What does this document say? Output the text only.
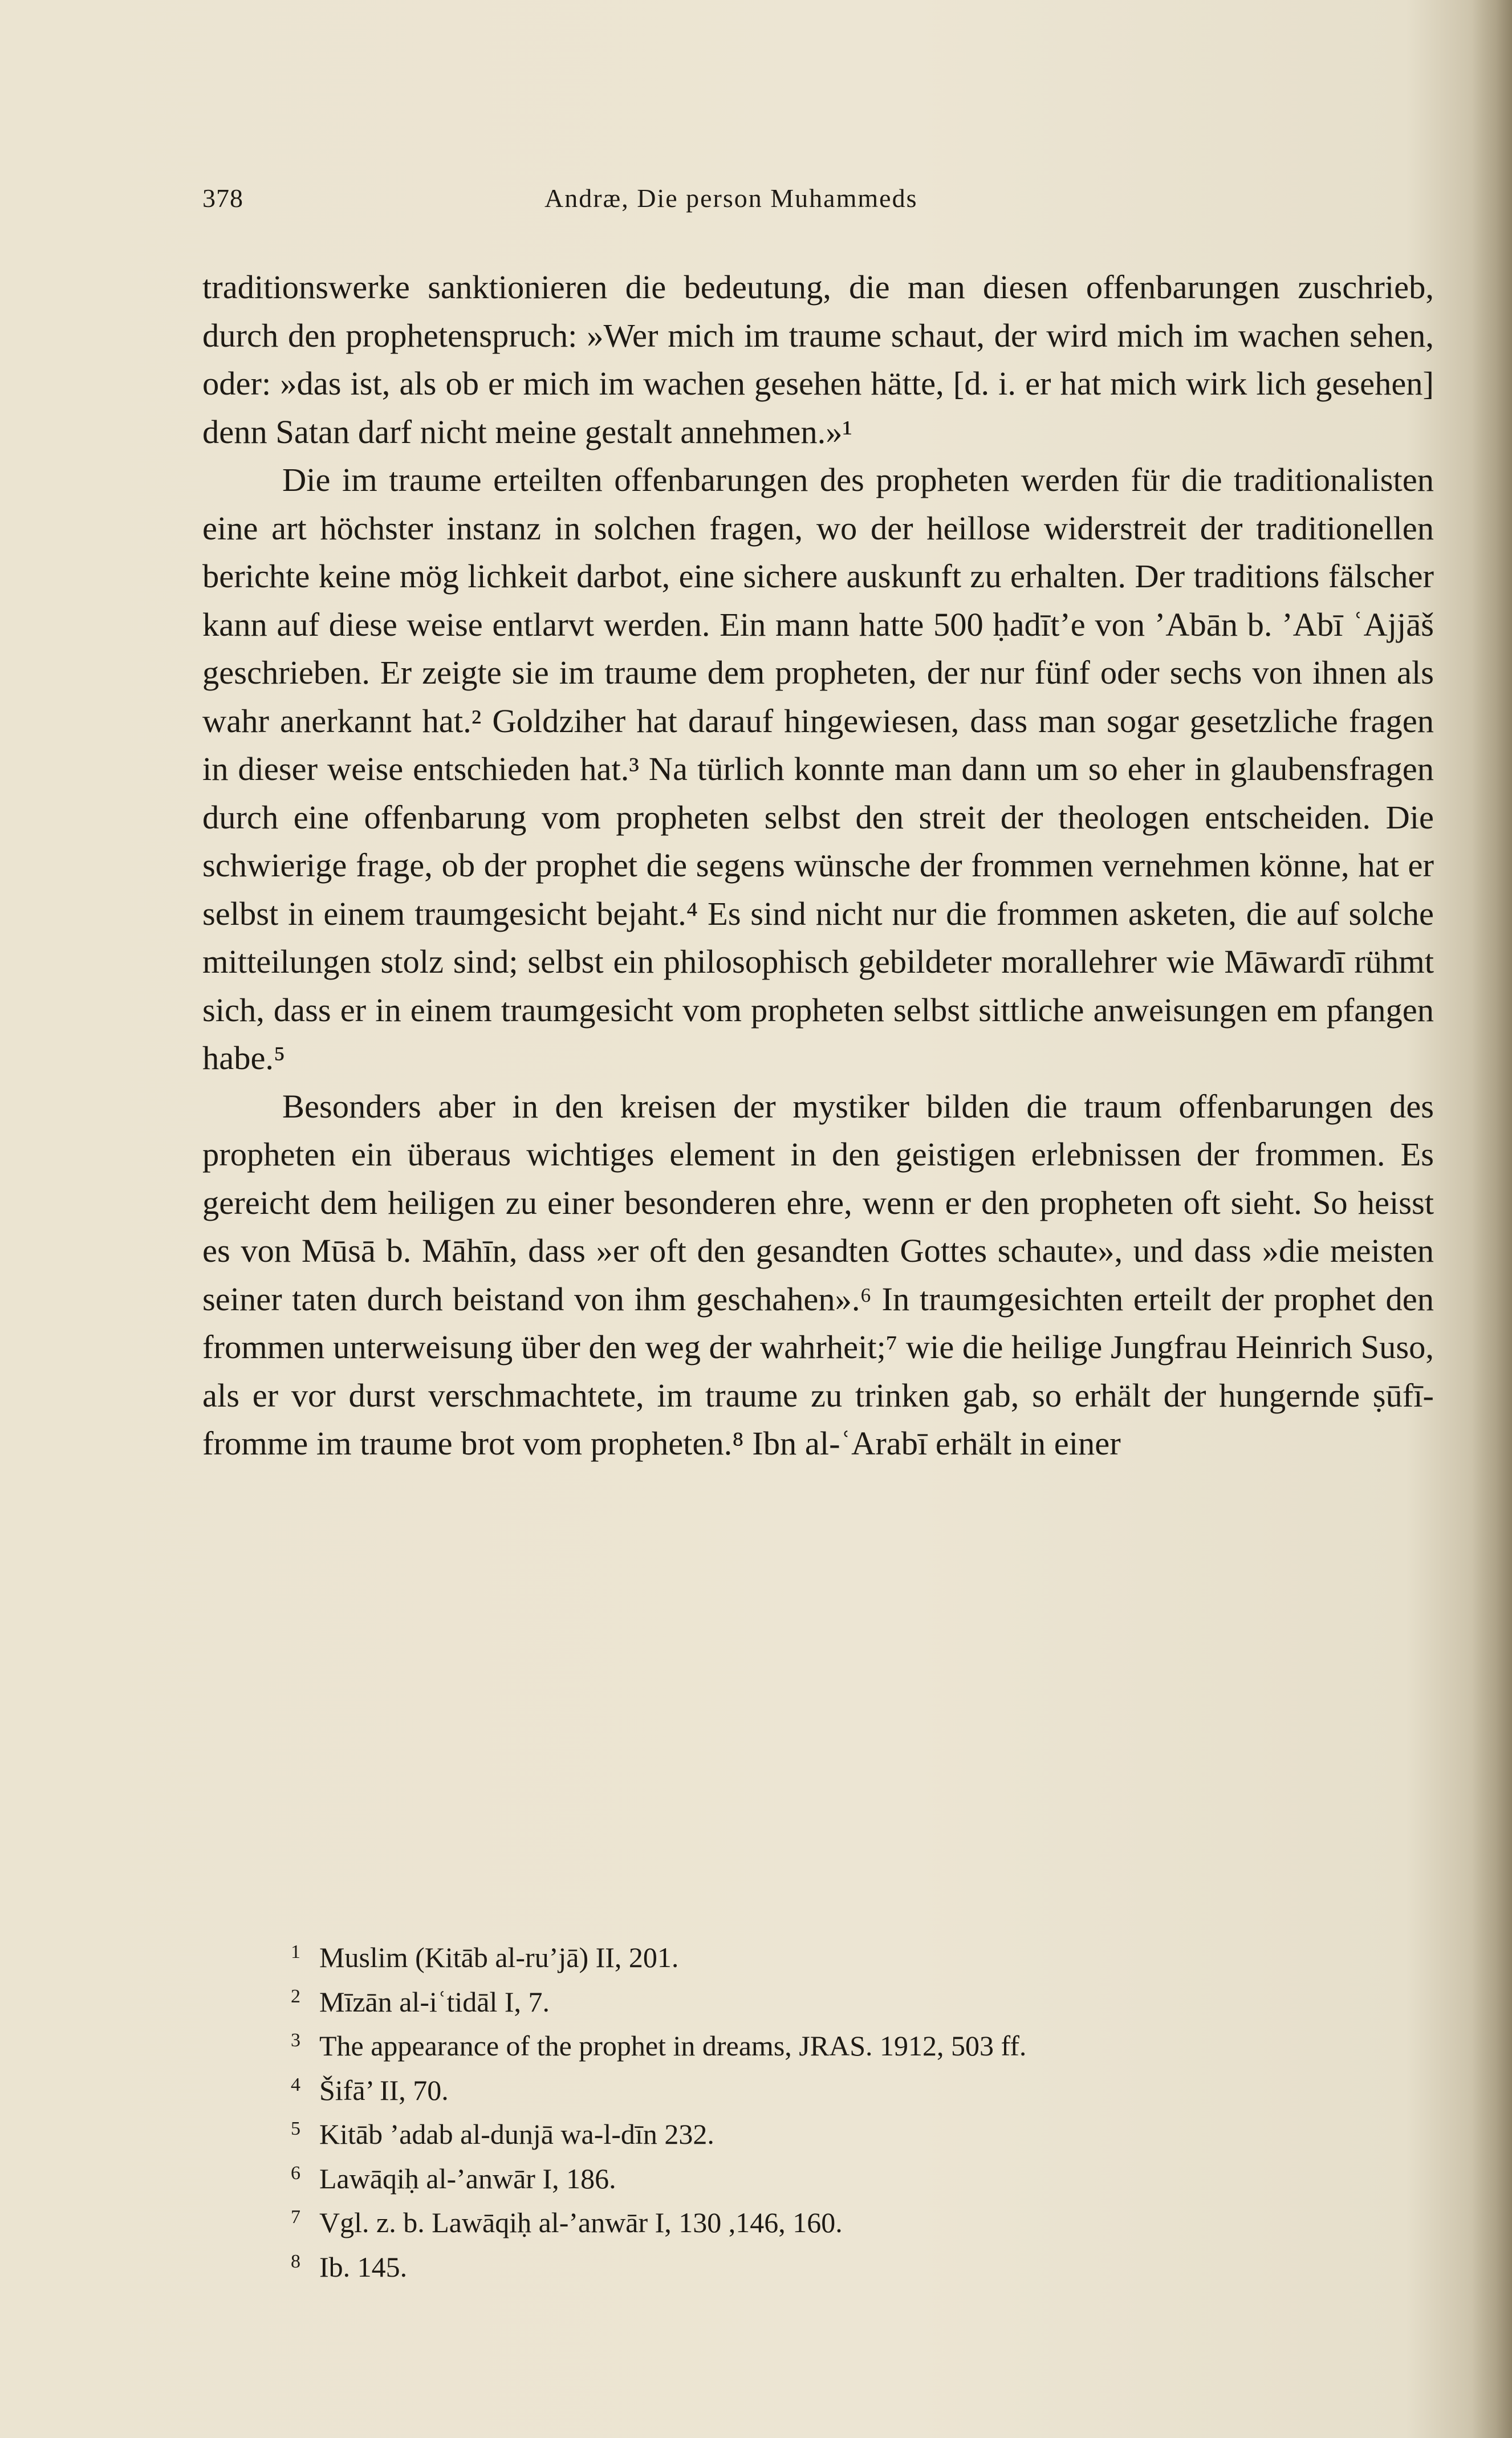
378	Andræ, Die person Muhammeds

traditionswerke sanktionieren die bedeutung, die man diesen offenbarungen zuschrieb, durch den prophetenspruch: »Wer mich im traume schaut, der wird mich im wachen sehen, oder: »das ist, als ob er mich im wachen gesehen hätte, [d. i. er hat mich wirk lich gesehen] denn Satan darf nicht meine gestalt annehmen.»¹

Die im traume erteilten offenbarungen des propheten werden für die traditionalisten eine art höchster instanz in solchen fragen, wo der heillose widerstreit der traditionellen berichte keine mög lichkeit darbot, eine sichere auskunft zu erhalten. Der traditions fälscher kann auf diese weise entlarvt werden. Ein mann hatte 500 ḥadīt’e von ’Abān b. ’Abī ʿAjjāš geschrieben. Er zeigte sie im traume dem propheten, der nur fünf oder sechs von ihnen als wahr anerkannt hat.² Goldziher hat darauf hingewiesen, dass man sogar gesetzliche fragen in dieser weise entschieden hat.³ Na türlich konnte man dann um so eher in glaubensfragen durch eine offenbarung vom propheten selbst den streit der theologen entscheiden. Die schwierige frage, ob der prophet die segens wünsche der frommen vernehmen könne, hat er selbst in einem traumgesicht bejaht.⁴ Es sind nicht nur die frommen asketen, die auf solche mitteilungen stolz sind; selbst ein philosophisch gebildeter morallehrer wie Māwardī rühmt sich, dass er in einem traumgesicht vom propheten selbst sittliche anweisungen em pfangen habe.⁵

Besonders aber in den kreisen der mystiker bilden die traum offenbarungen des propheten ein überaus wichtiges element in den geistigen erlebnissen der frommen. Es gereicht dem heiligen zu einer besonderen ehre, wenn er den propheten oft sieht. So heisst es von Mūsā b. Māhīn, dass »er oft den gesandten Gottes schaute», und dass »die meisten seiner taten durch beistand von ihm geschahen».⁶ In traumgesichten erteilt der prophet den frommen unterweisung über den weg der wahrheit;⁷ wie die heilige Jungfrau Heinrich Suso, als er vor durst verschmachtete, im traume zu trinken gab, so erhält der hungernde ṣūfī-fromme im traume brot vom propheten.⁸ Ibn al-ʿArabī erhält in einer

1 Muslim (Kitāb al-ru’jā) II, 201.
2 Mīzān al-iʿtidāl I, 7.
3 The appearance of the prophet in dreams, JRAS. 1912, 503 ff.
4 Šifā’ II, 70.
5 Kitāb ’adab al-dunjā wa-l-dīn 232.
6 Lawāqiḥ al-’anwār I, 186.
7 Vgl. z. b. Lawāqiḥ al-’anwār I, 130 ,146, 160.
8 Ib. 145.
